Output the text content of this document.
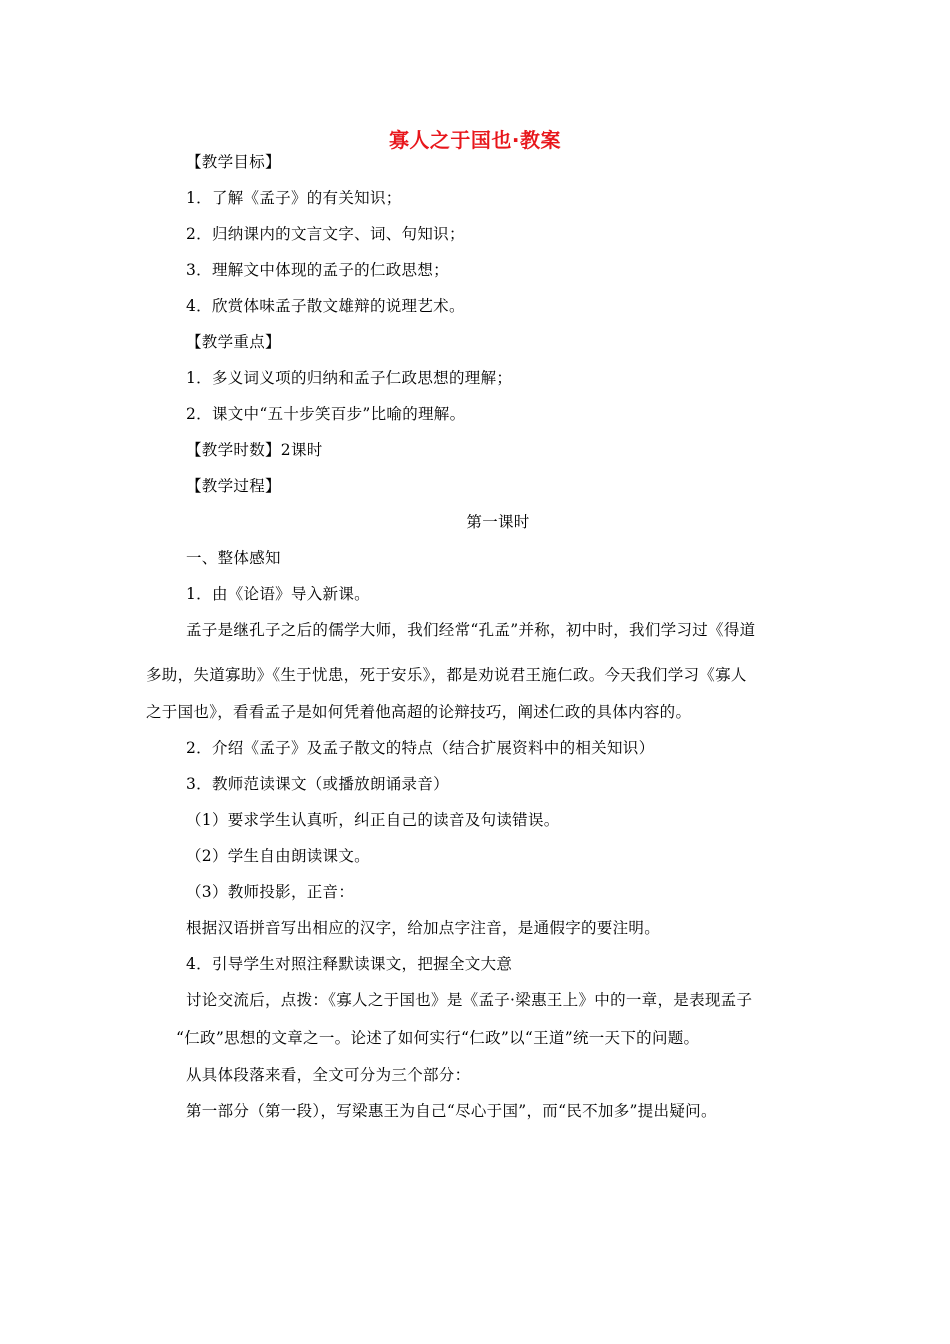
寡人之于国也·教案
【教学目标】
1．了解《孟子》的有关知识；
2．归纳课内的文言文字、词、句知识；
3．理解文中体现的孟子的仁政思想；
4．欣赏体味孟子散文雄辩的说理艺术。
【教学重点】
1．多义词义项的归纳和孟子仁政思想的理解；
2．课文中“五十步笑百步”比喻的理解。
【教学时数】2课时
【教学过程】
第一课时
一、整体感知
1．由《论语》导入新课。
孟子是继孔子之后的儒学大师，我们经常“孔孟”并称，初中时，我们学习过《得道
多助，失道寡助》《生于忧患，死于安乐》，都是劝说君王施仁政。今天我们学习《寡人
之于国也》，看看孟子是如何凭着他高超的论辩技巧，阐述仁政的具体内容的。
2．介绍《孟子》及孟子散文的特点（结合扩展资料中的相关知识）
3．教师范读课文（或播放朗诵录音）
（1）要求学生认真听，纠正自己的读音及句读错误。
（2）学生自由朗读课文。
（3）教师投影，正音：
根据汉语拼音写出相应的汉字，给加点字注音，是通假字的要注明。
4．引导学生对照注释默读课文，把握全文大意
讨论交流后，点拨：《寡人之于国也》是《孟子·梁惠王上》中的一章，是表现孟子
“仁政”思想的文章之一。论述了如何实行“仁政”以“王道”统一天下的问题。
从具体段落来看，全文可分为三个部分：
第一部分（第一段），写梁惠王为自己“尽心于国”，而“民不加多”提出疑问。
